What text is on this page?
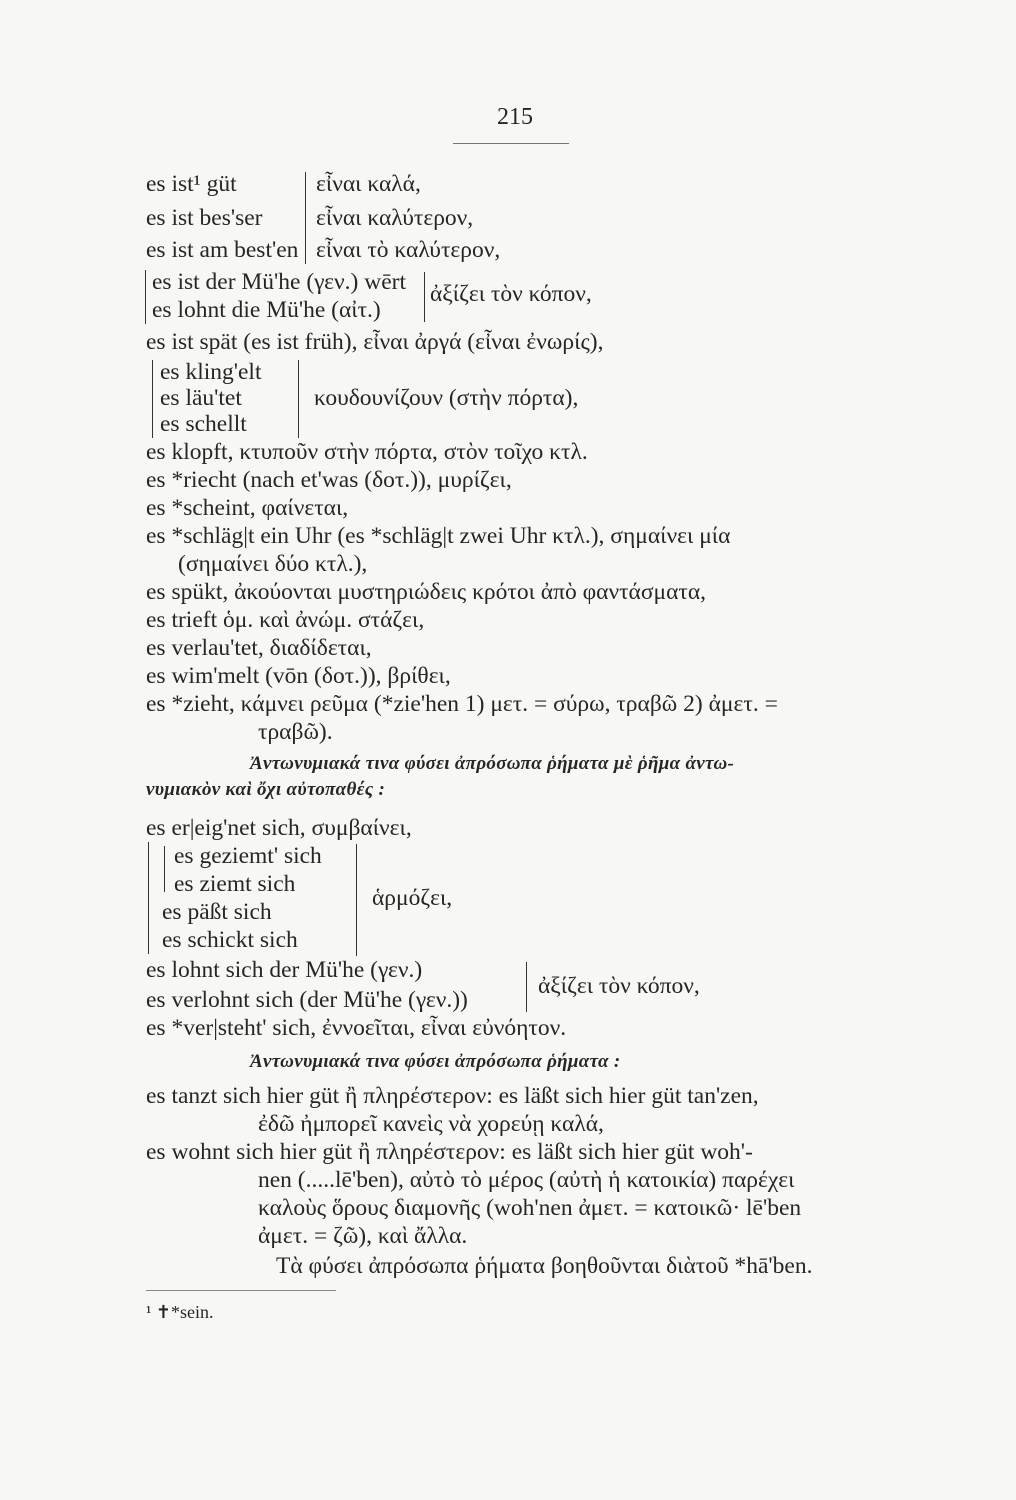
215
es ist¹ güt	εἶναι καλά,
es ist bes'ser εἶναι καλύτερον,
es ist am best'en εἶναι τὸ καλύτερον,
es ist der Mü'he (γεν.) wērt
es lohnt die Mü'he (αἰτ.)
ἀξίζει τὸν κόπον,
es ist spät (es ist früh), εἶναι ἀργά (εἶναι ἐνωρίς),
es kling'elt
es läu'tet
es schellt
κουδουνίζουν (στὴν πόρτα),
es klopft, κτυποῦν στὴν πόρτα, στὸν τοῖχο κτλ.
es *riecht (nach et'was (δοτ.)), μυρίζει,
es *scheint, φαίνεται,
es *schläg|t ein Uhr (es *schläg|t zwei Uhr κτλ.), σημαίνει μία
(σημαίνει δύο κτλ.),
es spükt, ἀκούονται μυστηριώδεις κρότοι ἀπὸ φαντάσματα,
es trieft ὁμ. καὶ ἀνώμ. στάζει,
es verlau'tet, διαδίδεται,
es wim'melt (vōn (δοτ.)), βρίθει,
es *zieht, κάμνει ρεῦμα (*zie'hen 1) μετ. = σύρω, τραβῶ 2) ἀμετ. =
τραβῶ).
Ἀντωνυμιακά τινα φύσει ἀπρόσωπα ῥήματα μὲ ῥῆμα ἀντω-
νυμιακὸν καὶ ὄχι αὐτοπαθές :
es er|eig'net sich, συμβαίνει,
es geziemt' sich
es ziemt sich
es päßt sich
es schickt sich
ἁρμόζει,
es lohnt sich der Mü'he (γεν.)
es verlohnt sich (der Mü'he (γεν.))
ἀξίζει τὸν κόπον,
es *ver|steht' sich, ἐννοεῖται, εἶναι εὐνόητον.
Ἀντωνυμιακά τινα φύσει ἀπρόσωπα ῥήματα :
es tanzt sich hier güt ἢ πληρέστερον: es läßt sich hier güt tan'zen,
ἐδῶ ἠμπορεῖ κανεὶς νὰ χορεύῃ καλά,
es wohnt sich hier güt ἢ πληρέστερον: es läßt sich hier güt woh'-
nen (.....lē'ben), αὐτὸ τὸ μέρος (αὐτὴ ἡ κατοικία) παρέχει
καλοὺς ὅρους διαμονῆς (woh'nen ἀμετ. = κατοικῶ· lē'ben
ἀμετ. = ζῶ), καὶ ἄλλα.
Τὰ φύσει ἀπρόσωπα ῥήματα βοηθοῦνται διὰτοῦ *hā'ben.
¹ ✝*sein.
